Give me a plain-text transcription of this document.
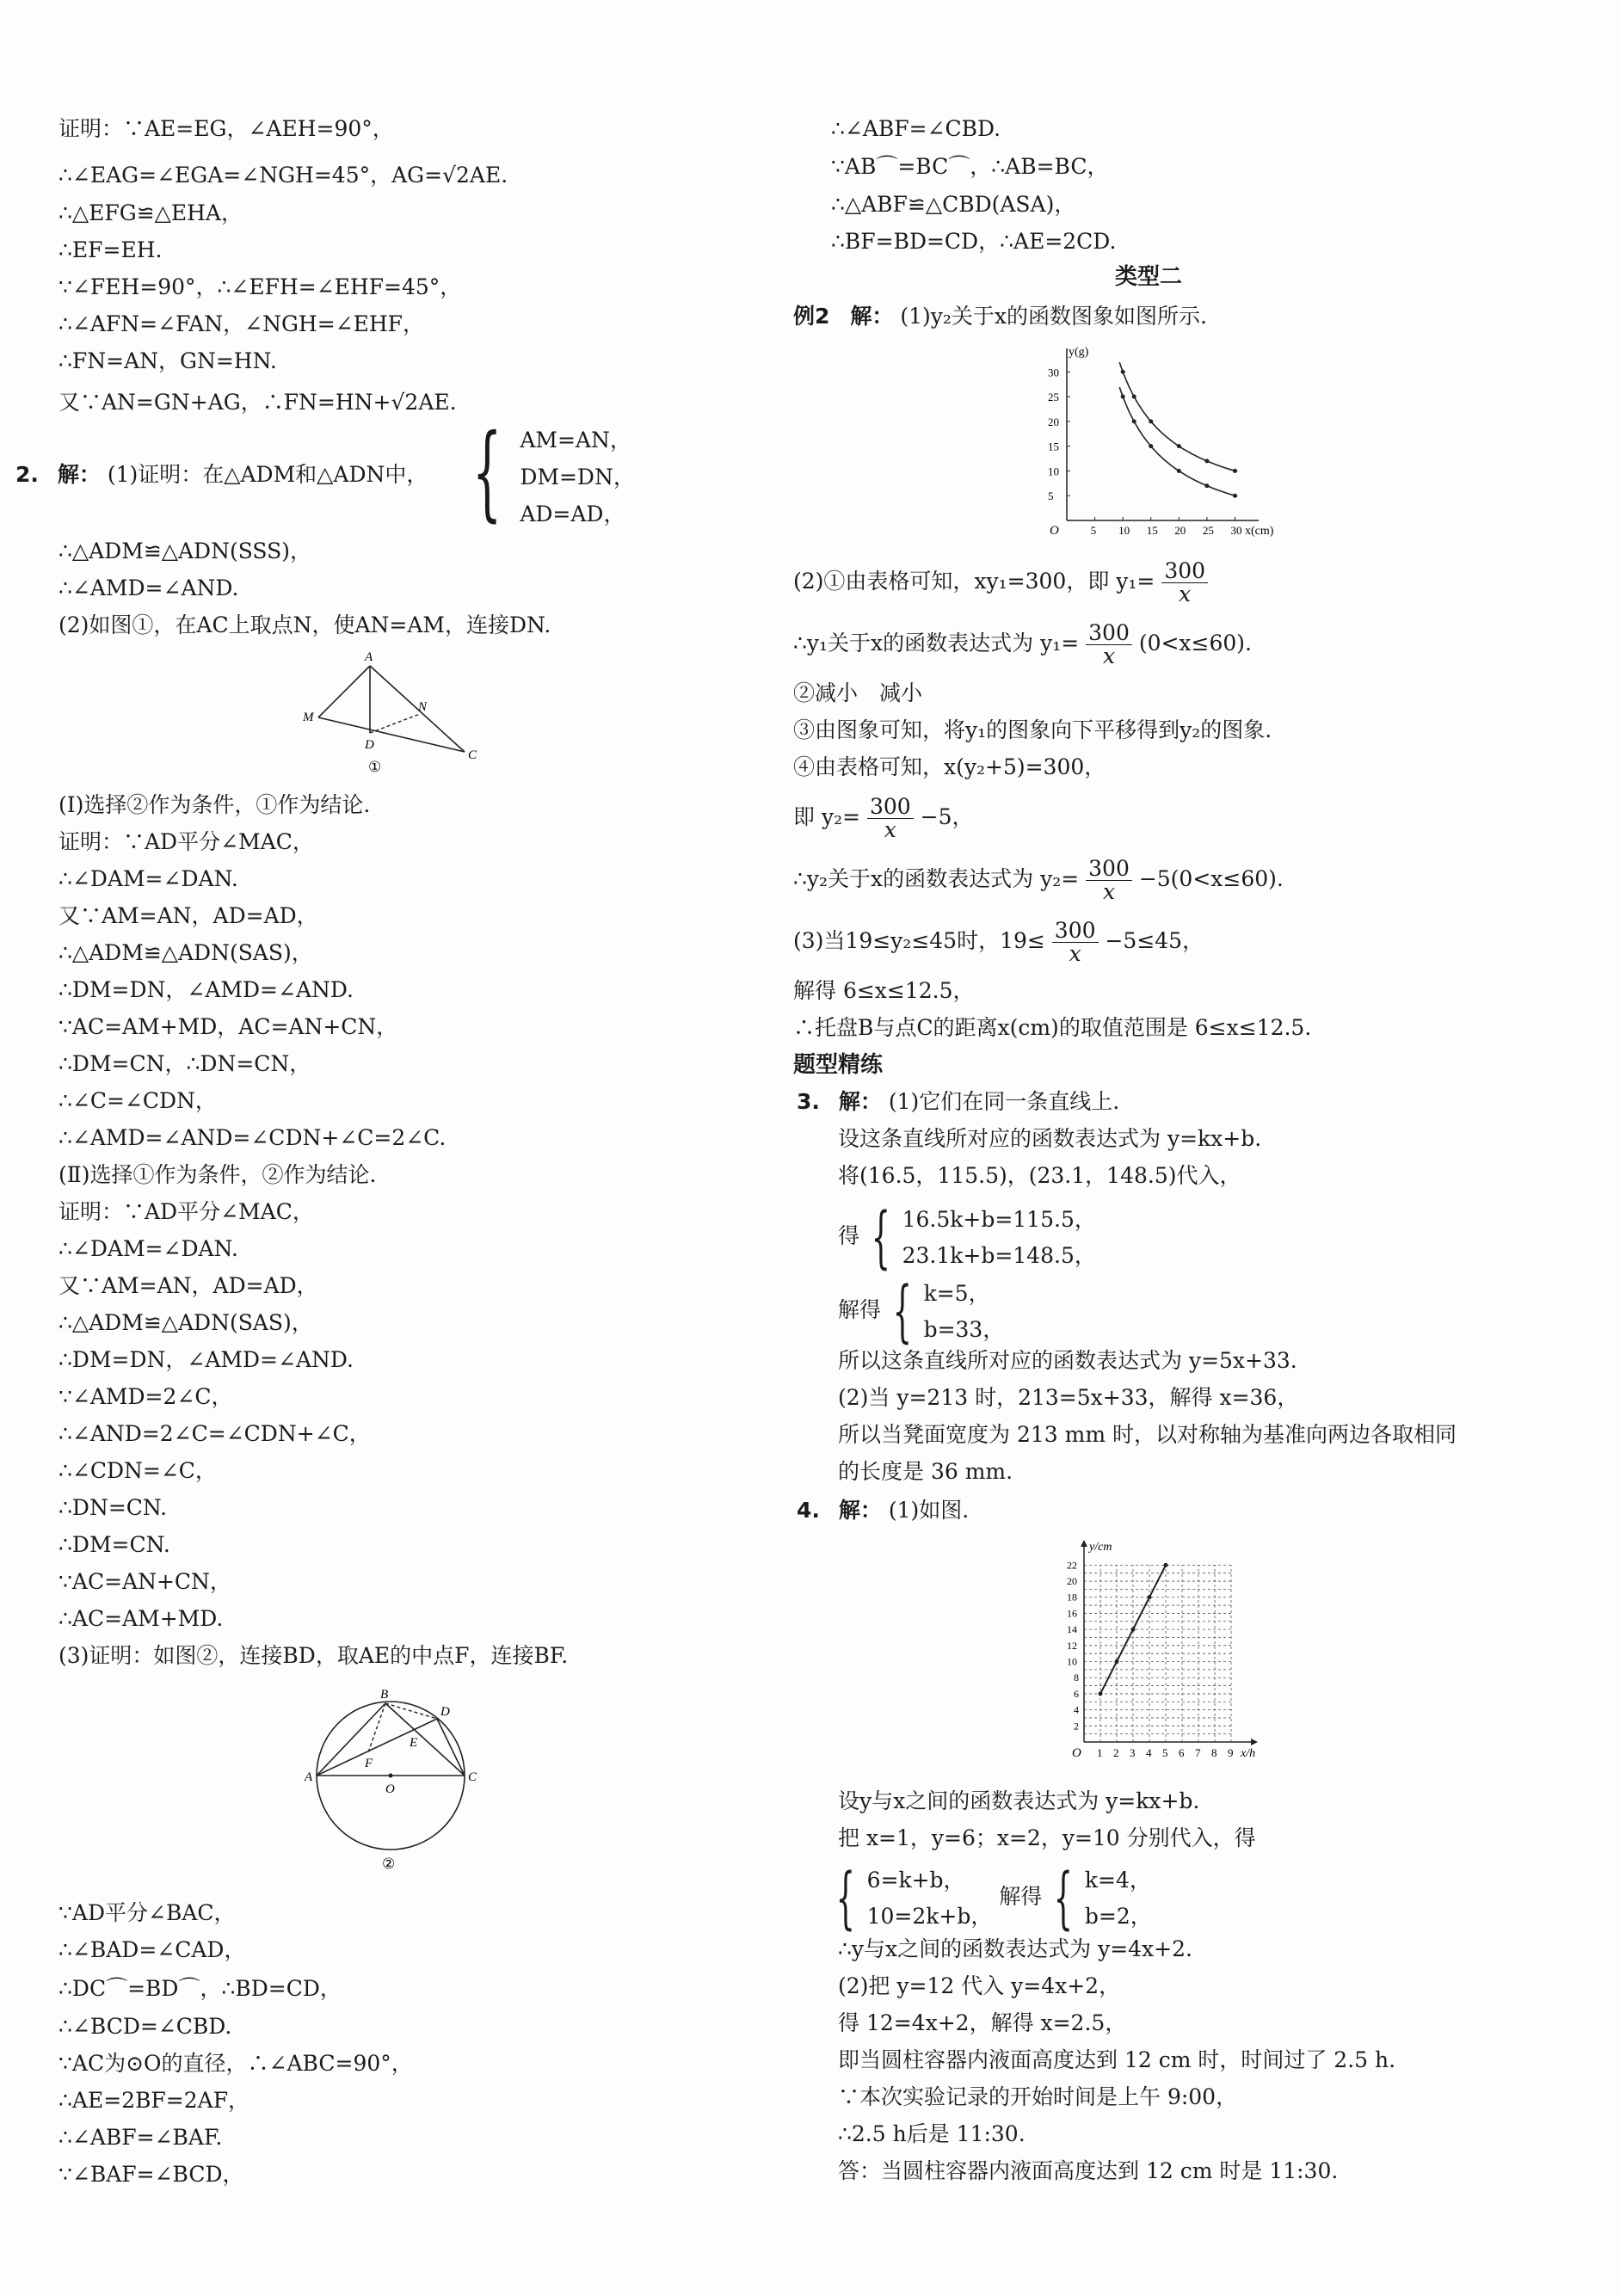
证明：∵AE=EG，∠AEH=90°，
∴∠EAG=∠EGA=∠NGH=45°，AG=√2AE.
∴△EFG≌△EHA，
∴EF=EH.
∵∠FEH=90°，∴∠EFH=∠EHF=45°，
∴∠AFN=∠FAN，∠NGH=∠EHF，
∴FN=AN，GN=HN.
又∵AN=GN+AG，∴FN=HN+√2AE.
2. 解： (1)证明：在△ADM和△ADN中， { AM=AN，
DM=DN，
AD=AD，
∴△ADM≌△ADN(SSS)，
∴∠AMD=∠AND.
(2)如图①，在AC上取点N，使AN=AM，连接DN.
A
M
D
N
C
①
(Ⅰ)选择②作为条件，①作为结论.
证明：∵AD平分∠MAC，
∴∠DAM=∠DAN.
又∵AM=AN，AD=AD，
∴△ADM≌△ADN(SAS)，
∴DM=DN，∠AMD=∠AND.
∵AC=AM+MD，AC=AN+CN，
∴DM=CN，∴DN=CN，
∴∠C=∠CDN，
∴∠AMD=∠AND=∠CDN+∠C=2∠C.
(Ⅱ)选择①作为条件，②作为结论.
证明：∵AD平分∠MAC，
∴∠DAM=∠DAN.
又∵AM=AN，AD=AD，
∴△ADM≌△ADN(SAS)，
∴DM=DN，∠AMD=∠AND.
∵∠AMD=2∠C，
∴∠AND=2∠C=∠CDN+∠C，
∴∠CDN=∠C，
∴DN=CN.
∴DM=CN.
∵AC=AN+CN，
∴AC=AM+MD.
(3)证明：如图②，连接BD，取AE的中点F，连接BF.
B
D
A	C
E
F
O
②
∵AD平分∠BAC，
∴∠BAD=∠CAD，
∴DC⌒=BD⌒，∴BD=CD，
∴∠BCD=∠CBD.
∵AC为⊙O的直径，∴∠ABC=90°，
∴AE=2BF=2AF，
∴∠ABF=∠BAF.
∵∠BAF=∠BCD，
∴∠ABF=∠CBD.
∵AB⌒=BC⌒，∴AB=BC，
∴△ABF≌△CBD(ASA)，
∴BF=BD=CD，∴AE=2CD.
类型二
例2 解： (1)y₂关于x的函数图象如图所示.
5 10 15 20 25 30
5
10
15
20
25
30
x(cm)
y(g)
O
(2)①由表格可知，xy₁=300，即 $y_1= \frac{300}{x}$
∴y₁关于x的函数表达式为 $y_1= \frac{300}{x} (0<x\le 60)$.
②减小　减小
③由图象可知，将y₁的图象向下平移得到y₂的图象.
④由表格可知，x(y₂+5)=300，
即 $y_2= \frac{300}{x} -5$，
∴y₂关于x的函数表达式为 $y_2= \frac{300}{x} -5(0<x\le 60)$.
(3)当19≤y₂≤45时，$19\le \frac{300}{x} -5\le 45$，
解得 6≤x≤12.5，
∴托盘B与点C的距离x(cm)的取值范围是 6≤x≤12.5.
题型精练
3. 解： (1)它们在同一条直线上.
设这条直线所对应的函数表达式为 y=kx+b.
将(16.5，115.5)，(23.1，148.5)代入，
得 { 16.5k+b=115.5，
23.1k+b=148.5，
解得 { k=5，
b=33，
所以这条直线所对应的函数表达式为 y=5x+33.
(2)当 y=213 时，213=5x+33，解得 x=36，
所以当凳面宽度为 213 mm 时，以对称轴为基准向两边各取相同
的长度是 36 mm.
4. 解： (1)如图.
1 2 3 4 5 6 7 8 9
2
4
6
8
10
12
14
16
18
20
22
x/h
y/cm
O
设y与x之间的函数表达式为 y=kx+b.
把 x=1，y=6；x=2，y=10 分别代入，得
{ 6=k+b，
10=2k+b，
解得 { k=4，
b=2，
∴y与x之间的函数表达式为 y=4x+2.
(2)把 y=12 代入 y=4x+2，
得 12=4x+2，解得 x=2.5，
即当圆柱容器内液面高度达到 12 cm 时，时间过了 2.5 h.
∵本次实验记录的开始时间是上午 9:00，
∴2.5 h后是 11:30.
答：当圆柱容器内液面高度达到 12 cm 时是 11:30.
